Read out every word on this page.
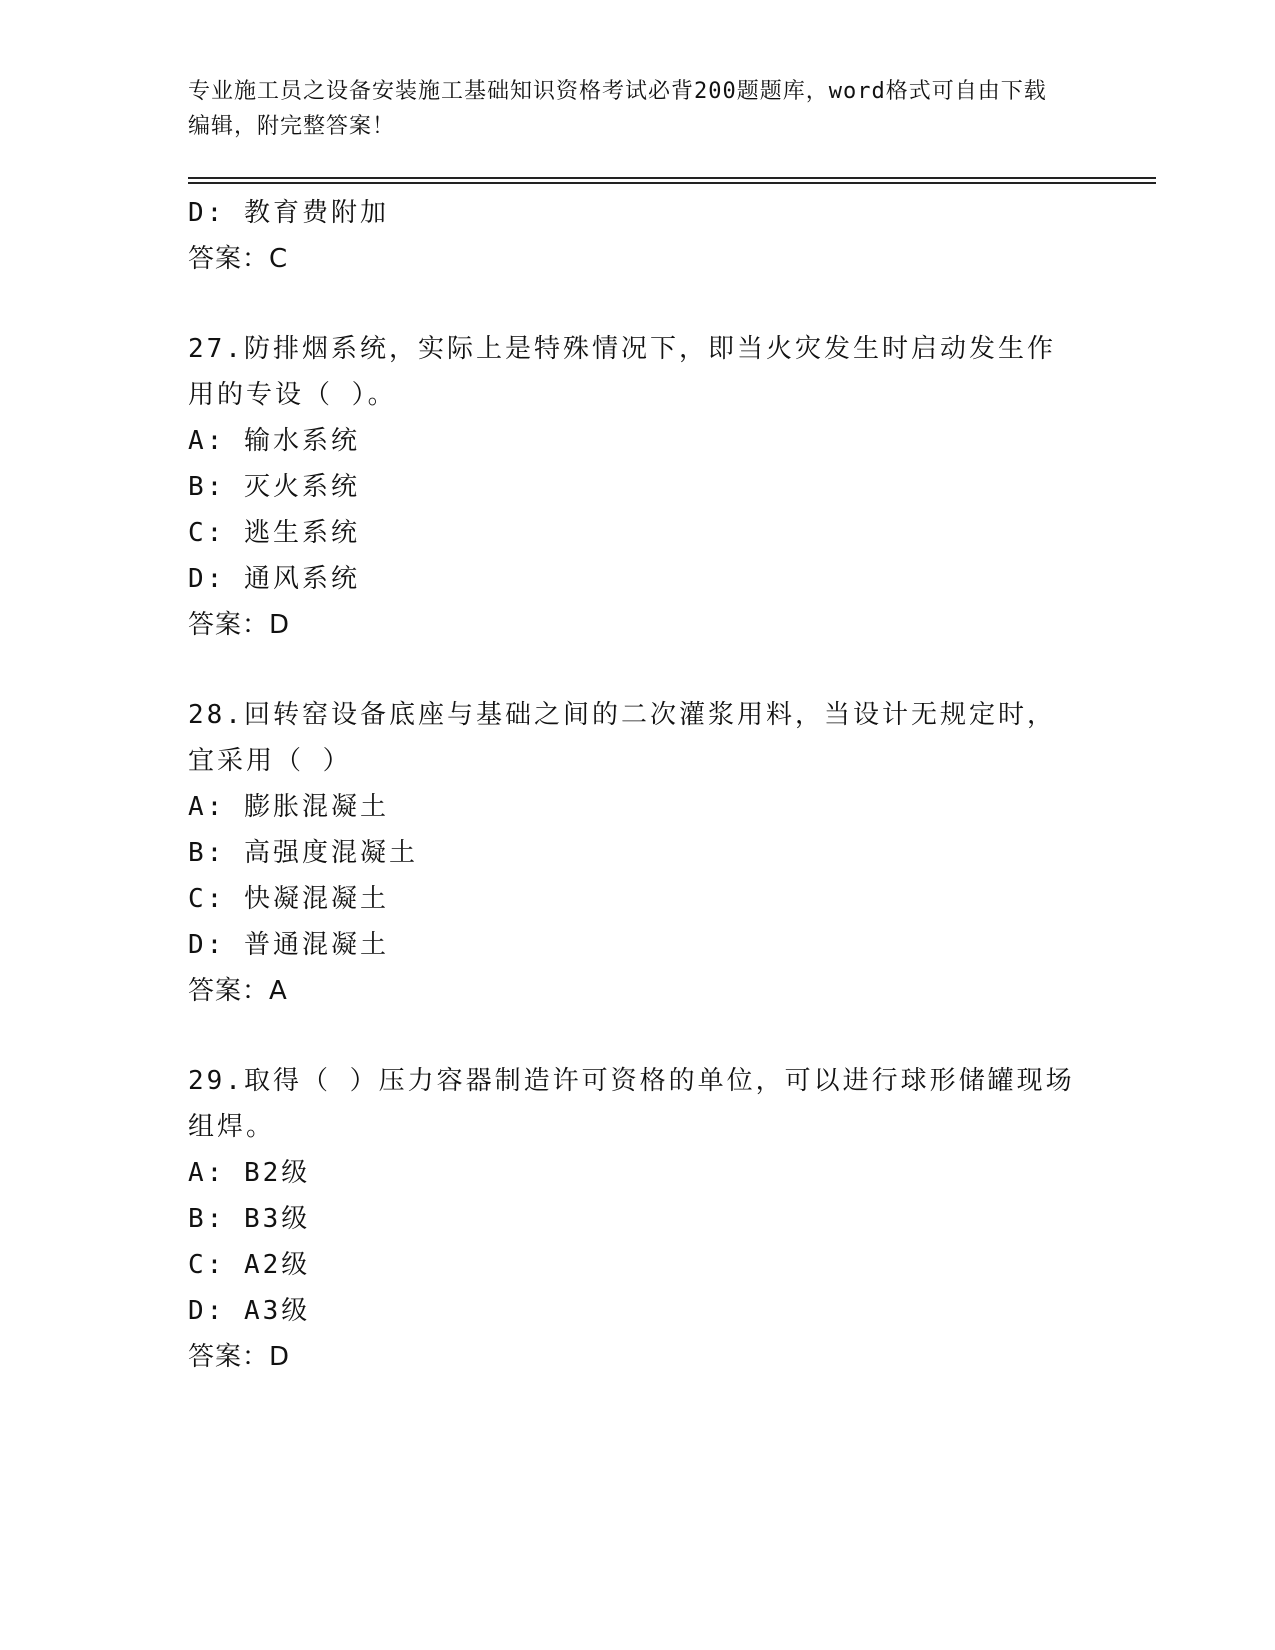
专业施工员之设备安装施工基础知识资格考试必背200题题库，word格式可自由下载编辑，附完整答案！
D: 教育费附加
答案：C
27.防排烟系统，实际上是特殊情况下，即当火灾发生时启动发生作用的专设（ ）。
A: 输水系统
B: 灭火系统
C: 逃生系统
D: 通风系统
答案：D
28.回转窑设备底座与基础之间的二次灌浆用料，当设计无规定时，宜采用（ ）
A: 膨胀混凝土
B: 高强度混凝土
C: 快凝混凝土
D: 普通混凝土
答案：A
29.取得（ ）压力容器制造许可资格的单位，可以进行球形储罐现场组焊。
A: B2级
B: B3级
C: A2级
D: A3级
答案：D
